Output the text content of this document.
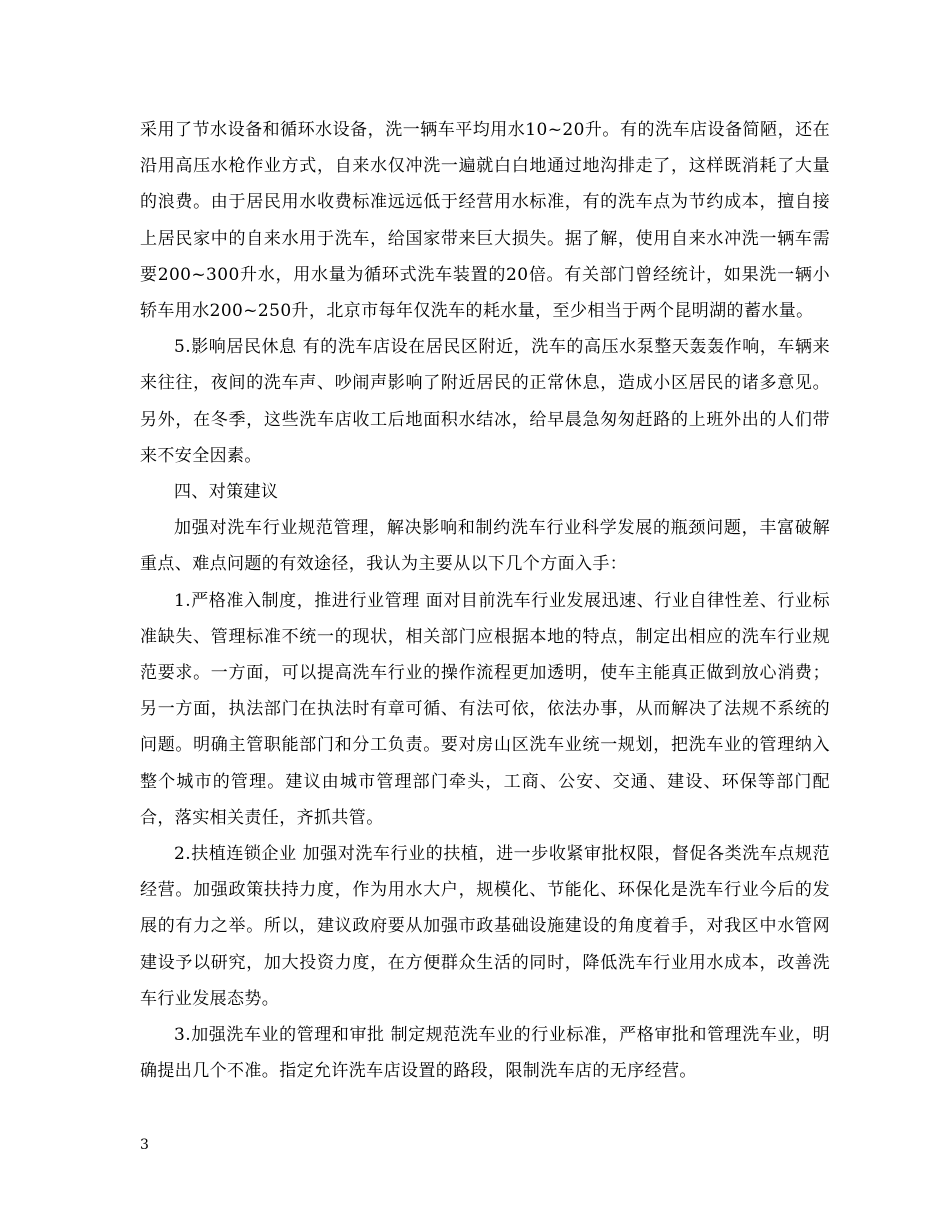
采用了节水设备和循环水设备，洗一辆车平均用水10~20升。有的洗车店设备简陋，还在沿用高压水枪作业方式，自来水仅冲洗一遍就白白地通过地沟排走了，这样既消耗了大量的浪费。由于居民用水收费标准远远低于经营用水标准，有的洗车点为节约成本，擅自接上居民家中的自来水用于洗车，给国家带来巨大损失。据了解，使用自来水冲洗一辆车需要200~300升水，用水量为循环式洗车装置的20倍。有关部门曾经统计，如果洗一辆小轿车用水200~250升，北京市每年仅洗车的耗水量，至少相当于两个昆明湖的蓄水量。

5.影响居民休息 有的洗车店设在居民区附近，洗车的高压水泵整天轰轰作响，车辆来来往往，夜间的洗车声、吵闹声影响了附近居民的正常休息，造成小区居民的诸多意见。另外，在冬季，这些洗车店收工后地面积水结冰，给早晨急匆匆赶路的上班外出的人们带来不安全因素。

四、对策建议

加强对洗车行业规范管理，解决影响和制约洗车行业科学发展的瓶颈问题，丰富破解重点、难点问题的有效途径，我认为主要从以下几个方面入手：

1.严格准入制度，推进行业管理 面对目前洗车行业发展迅速、行业自律性差、行业标准缺失、管理标准不统一的现状，相关部门应根据本地的特点，制定出相应的洗车行业规范要求。一方面，可以提高洗车行业的操作流程更加透明，使车主能真正做到放心消费；另一方面，执法部门在执法时有章可循、有法可依，依法办事，从而解决了法规不系统的问题。明确主管职能部门和分工负责。要对房山区洗车业统一规划，把洗车业的管理纳入整个城市的管理。建议由城市管理部门牵头，工商、公安、交通、建设、环保等部门配合，落实相关责任，齐抓共管。

2.扶植连锁企业 加强对洗车行业的扶植，进一步收紧审批权限，督促各类洗车点规范经营。加强政策扶持力度，作为用水大户，规模化、节能化、环保化是洗车行业今后的发展的有力之举。所以，建议政府要从加强市政基础设施建设的角度着手，对我区中水管网建设予以研究，加大投资力度，在方便群众生活的同时，降低洗车行业用水成本，改善洗车行业发展态势。

3.加强洗车业的管理和审批 制定规范洗车业的行业标准，严格审批和管理洗车业，明确提出几个不准。指定允许洗车店设置的路段，限制洗车店的无序经营。

3
